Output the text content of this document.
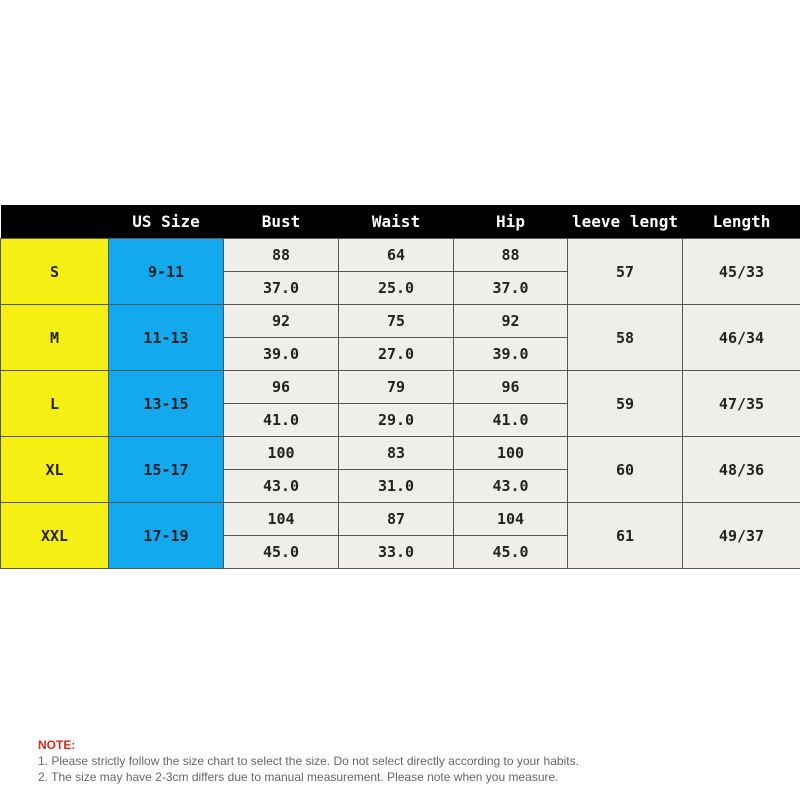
	US Size	Bust	Waist	Hip	leeve lengt	Length
S	9-11	88	64	88	57	45/33
		37.0	25.0	37.0		
M	11-13	92	75	92	58	46/34
		39.0	27.0	39.0		
L	13-15	96	79	96	59	47/35
		41.0	29.0	41.0		
XL	15-17	100	83	100	60	48/36
		43.0	31.0	43.0		
XXL	17-19	104	87	104	61	49/37
		45.0	33.0	45.0		
NOTE:
1. Please strictly follow the size chart to select the size. Do not select directly according to your habits.
2. The size may have 2-3cm differs due to manual measurement. Please note when you measure.
